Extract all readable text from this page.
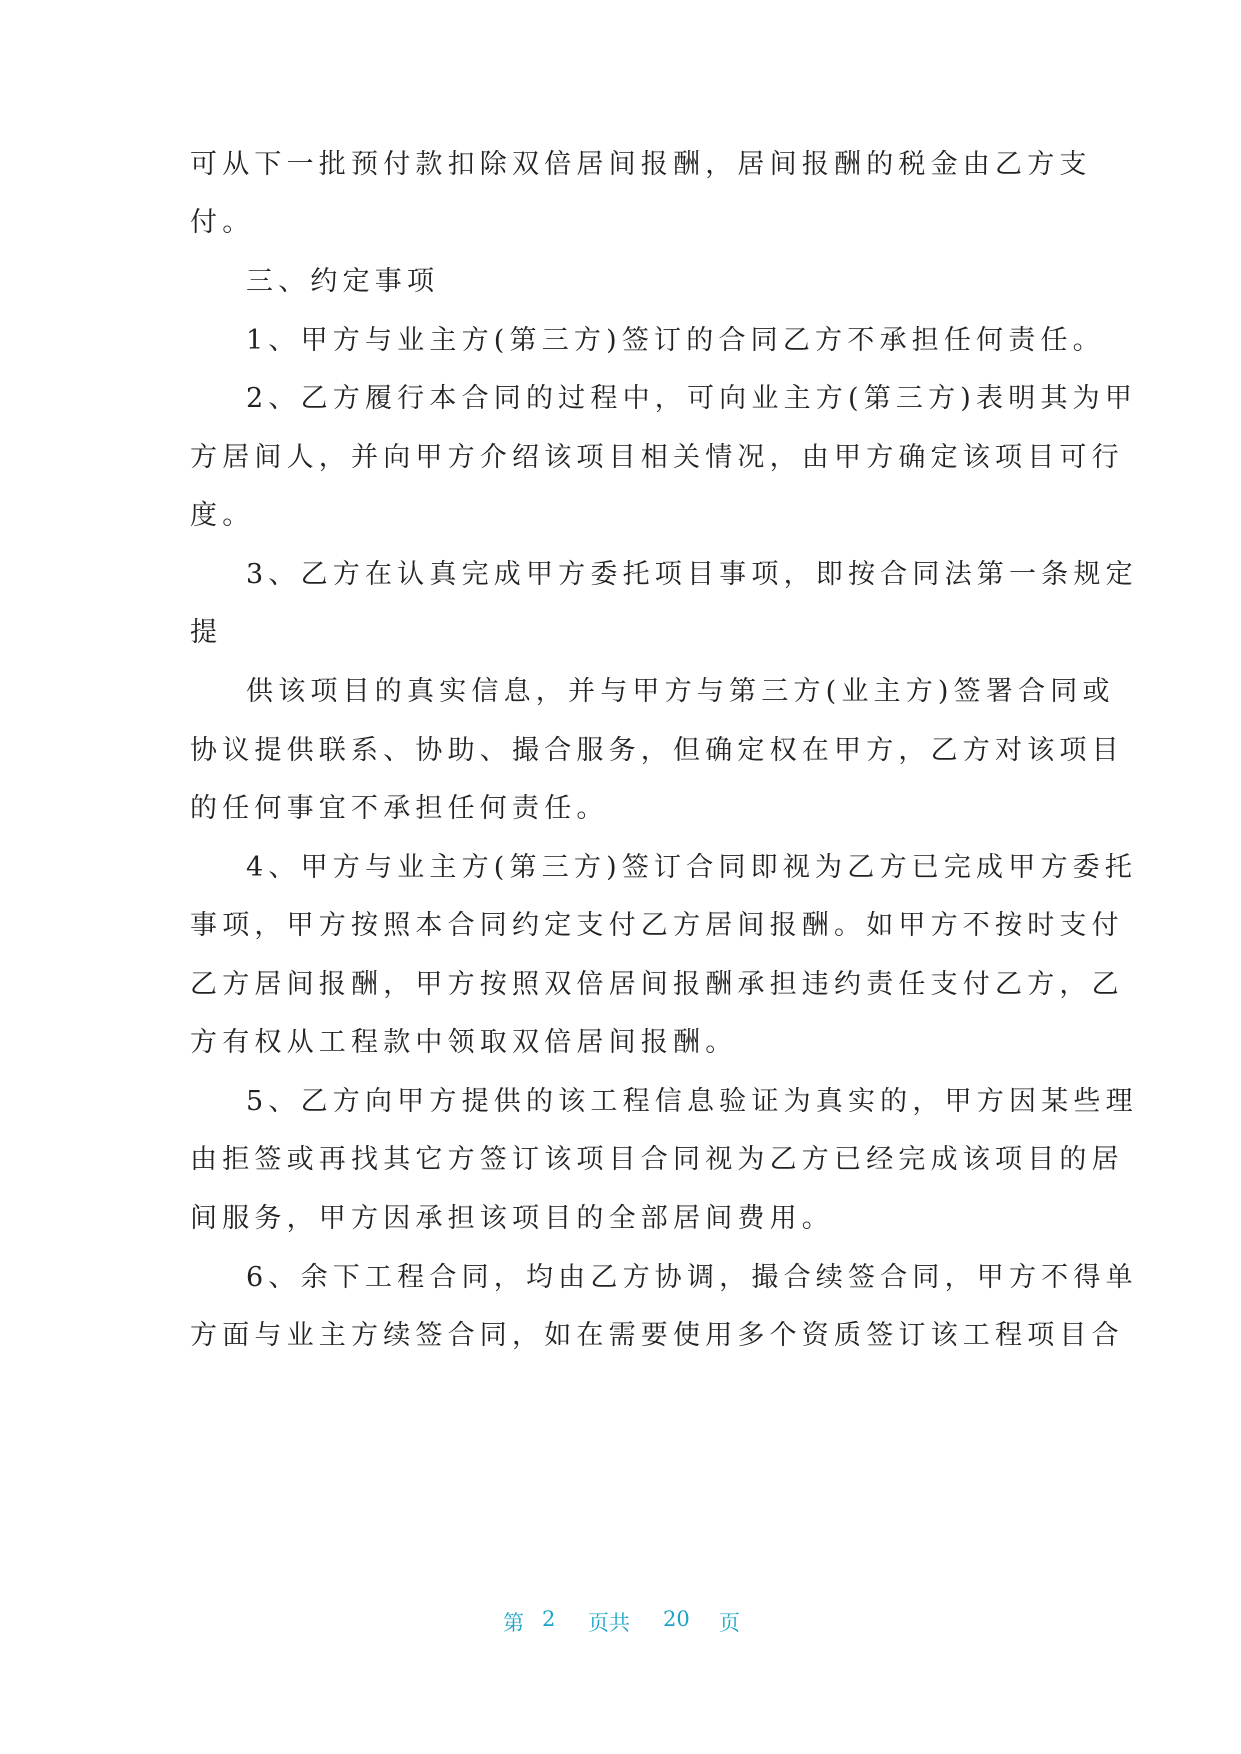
可从下一批预付款扣除双倍居间报酬，居间报酬的税金由乙方支
付。
三、约定事项
1、甲方与业主方(第三方)签订的合同乙方不承担任何责任。
2、乙方履行本合同的过程中，可向业主方(第三方)表明其为甲
方居间人，并向甲方介绍该项目相关情况，由甲方确定该项目可行
度。
3、乙方在认真完成甲方委托项目事项，即按合同法第一条规定
提
供该项目的真实信息，并与甲方与第三方(业主方)签署合同或
协议提供联系、协助、撮合服务，但确定权在甲方，乙方对该项目
的任何事宜不承担任何责任。
4、甲方与业主方(第三方)签订合同即视为乙方已完成甲方委托
事项，甲方按照本合同约定支付乙方居间报酬。如甲方不按时支付
乙方居间报酬，甲方按照双倍居间报酬承担违约责任支付乙方，乙
方有权从工程款中领取双倍居间报酬。
5、乙方向甲方提供的该工程信息验证为真实的，甲方因某些理
由拒签或再找其它方签订该项目合同视为乙方已经完成该项目的居
间服务，甲方因承担该项目的全部居间费用。
6、余下工程合同，均由乙方协调，撮合续签合同，甲方不得单
方面与业主方续签合同，如在需要使用多个资质签订该工程项目合
第 2 页共 20 页
